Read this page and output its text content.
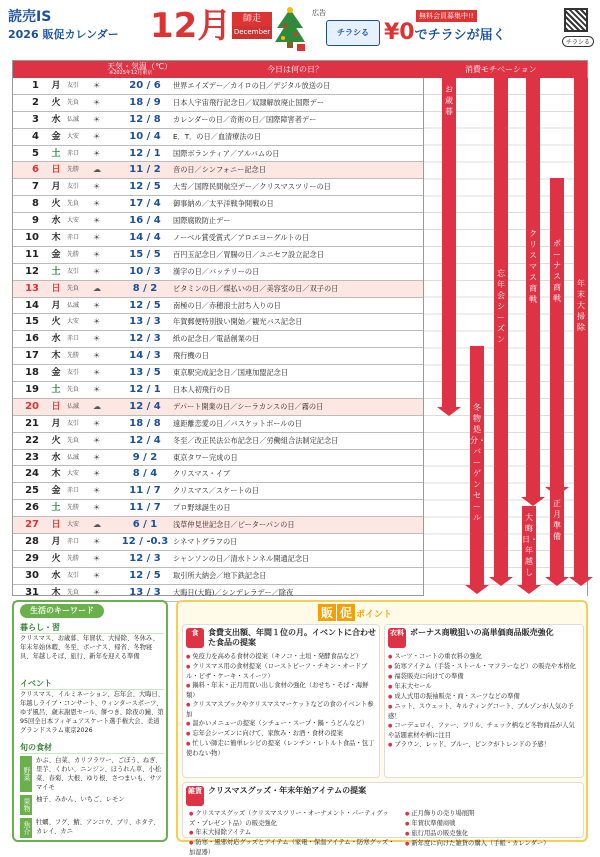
読売IS
2026 販促カレンダー 12月	師走
December
広告
チラシる
無料会員募集中!!
¥0でチラシが届く	チラシる
天気・気温（℃）
※2025年12月東京	今日は何の日？	消費モチベーション
1 月	友引 ☀	20 / 6	世界エイズデー／カイロの日／デジタル放送の日
2 火	先負 ☀	18 / 9	日本人宇宙飛行記念日／奴隷解放廃止国際デー
3 水	仏滅 ☀	12 / 8	カレンダーの日／奇術の日／国際障害者デー
4 金	大安 ☀	10 / 4	E．T．の日／血清療法の日
5 土	赤口 ☀	12 / 1	国際ボランティア／アルバムの日
6 日	先勝 ☁	11 / 2	音の日／シンフォニー記念日
7 月	友引 ☀	12 / 5	大雪／国際民間航空デー／クリスマスツリーの日
8 火	先負 ☀	17 / 4	御事納め／太平洋戦争開戦の日
9 水	大安 ☀	16 / 4	国際腐敗防止デー
10 木	赤口 ☀	14 / 4	ノーベル賞受賞式／アロエヨーグルトの日
11 金	先勝 ☀	15 / 5	百円玉記念日／胃腸の日／ユニセフ設立記念日
12 土	友引 ☀	10 / 3	漢字の日／バッテリーの日
13 日	先負 ☁	8 / 2	ビタミンの日／煤払いの日／美容室の日／双子の日
14 月	仏滅 ☀	12 / 5	南極の日／赤穂浪士討ち入りの日
15 火	大安 ☀	13 / 3	年賀郵便特別扱い開始／観光バス記念日
16 水	赤口 ☀	12 / 3	紙の記念日／電話創業の日
17 木	先勝 ☀	14 / 3	飛行機の日
18 金	友引 ☀	13 / 5	東京駅完成記念日／国連加盟記念日
19 土	先負 ☀	12 / 1	日本人初飛行の日
20 日	仏滅 ☁	12 / 4	デパート開業の日／シーラカンスの日／霧の日
21 月	友引 ☀	18 / 8	遠距離恋愛の日／バスケットボールの日
22 火	先負 ☀	12 / 4	冬至／改正民法公布記念日／労働組合法制定記念日
23 水	仏滅 ☀	9 / 2	東京タワー完成の日
24 木	大安 ☀	8 / 4	クリスマス・イブ
25 金	赤口 ☀	11 / 7	クリスマス／スケートの日
26 土	先勝 ☀	11 / 7	プロ野球誕生の日
27 日	大安 ☁	6 / 1	浅草仲見世記念日／ピーターパンの日
28 月	赤口 ☀	12 / -0.3 シネマトグラフの日
29 火	先勝 ☀	12 / 3	シャンソンの日／清水トンネル開通記念日
30 水	友引 ☀	12 / 5	取引所大納会／地下鉄記念日
31 木	先負 ☀	13 / 3	大晦日(大晦)／シンデレラデー／除夜
お歳暮
忘年会シーズン
クリスマス商戦
ボーナス商戦
年末大掃除
冬物処分・バーゲンセール	大晦日・年越し
正月準備
生活のキーワード
暮らし・習
クリスマス、お歳暮、年賀状、大掃除、冬休み、年末年始休暇、冬至、ボーナス、帰省、冬物寝具、年越しそば、旅行、新年を迎える準備
イベント
クリスマス、イルミネーション、忘年会、大晦日、年越しライブ・コンサート、ウィンタースポーツ、ゆず風呂、歳末謝恩セール、餅つき、除夜の鐘、第95回全日本フィギュアスケート選手権大会、柔道グランドスラム東京2026
旬の食材
野菜
かぶ、白菜、カリフラワー、ごぼう、ねぎ、里芋、くわい、ニンジン、ほうれん草、小松菜、春菊、大根、ゆり根、さつまいも、サツマイモ
果物 柚子、みかん、いちご、レモン
魚介 牡蠣、フグ、鯖、アンコウ、ブリ、ホタテ、カレイ、カニ
販 促 ポイント
食	食費支出額、年間１位の月。イベントに合わせた食品の提案
● 免疫力を高める食材の提案（キノコ・土垣・発酵食品など）
● クリスマス用の食材提案（ローストビーフ・チキン・オードブル・ピザ・ケーキ・スイーツ）
● 鍋料・年末・正月用買い出し食材の強化（おせち・そば・海鮮類）
● クリスマスブックやクリスマスマーケットなどの食のイベント参加
● 温かいメニューの提案（シチュー・スープ・鍋・うどんなど）
● 忘年会シーズンに向けて、家飲み・お酒・食材の提案
● 忙しい師走に簡単レシピの提案（レンチン・レトルト食品・包丁使わない物）
衣料 ボーナス商戦狙いの高単価商品販売強化
● スーツ・コートの重衣料の強化
● 防寒アイテム（手袋・ストール・マフラーなど）の販売や本格化
● 福袋販売に向けての準備
● 年末大セール
● 成人式用の振袖販売・商・スーツなどの準備
● ニット、スウェット、キルティングコート、ブルゾンが人気の予感！
● コーデュロイ、ファー、フリル、チェック柄など冬物商品が人気や話題素材や柄に注目
● ブラウン、レッド、ブルー、ピンクがトレンドの予感！
雑貨 クリスマスグッズ・年末年始アイテムの提案
● クリスマスグッズ（クリスマスツリー・オーナメント・パーティグッズ・プレゼント品）の販売強化
● 年末大掃除アイテム
● 防寒・風邪対応グッズとアイテム（家電・保温アイテム・防寒グッズ・加湿器）
● 正月飾りの売り場展開
● 年賀状準備商戦
● 旅行用品の販売強化
● 新年度に向けた雑貨の購入（手帳・カレンダー）
